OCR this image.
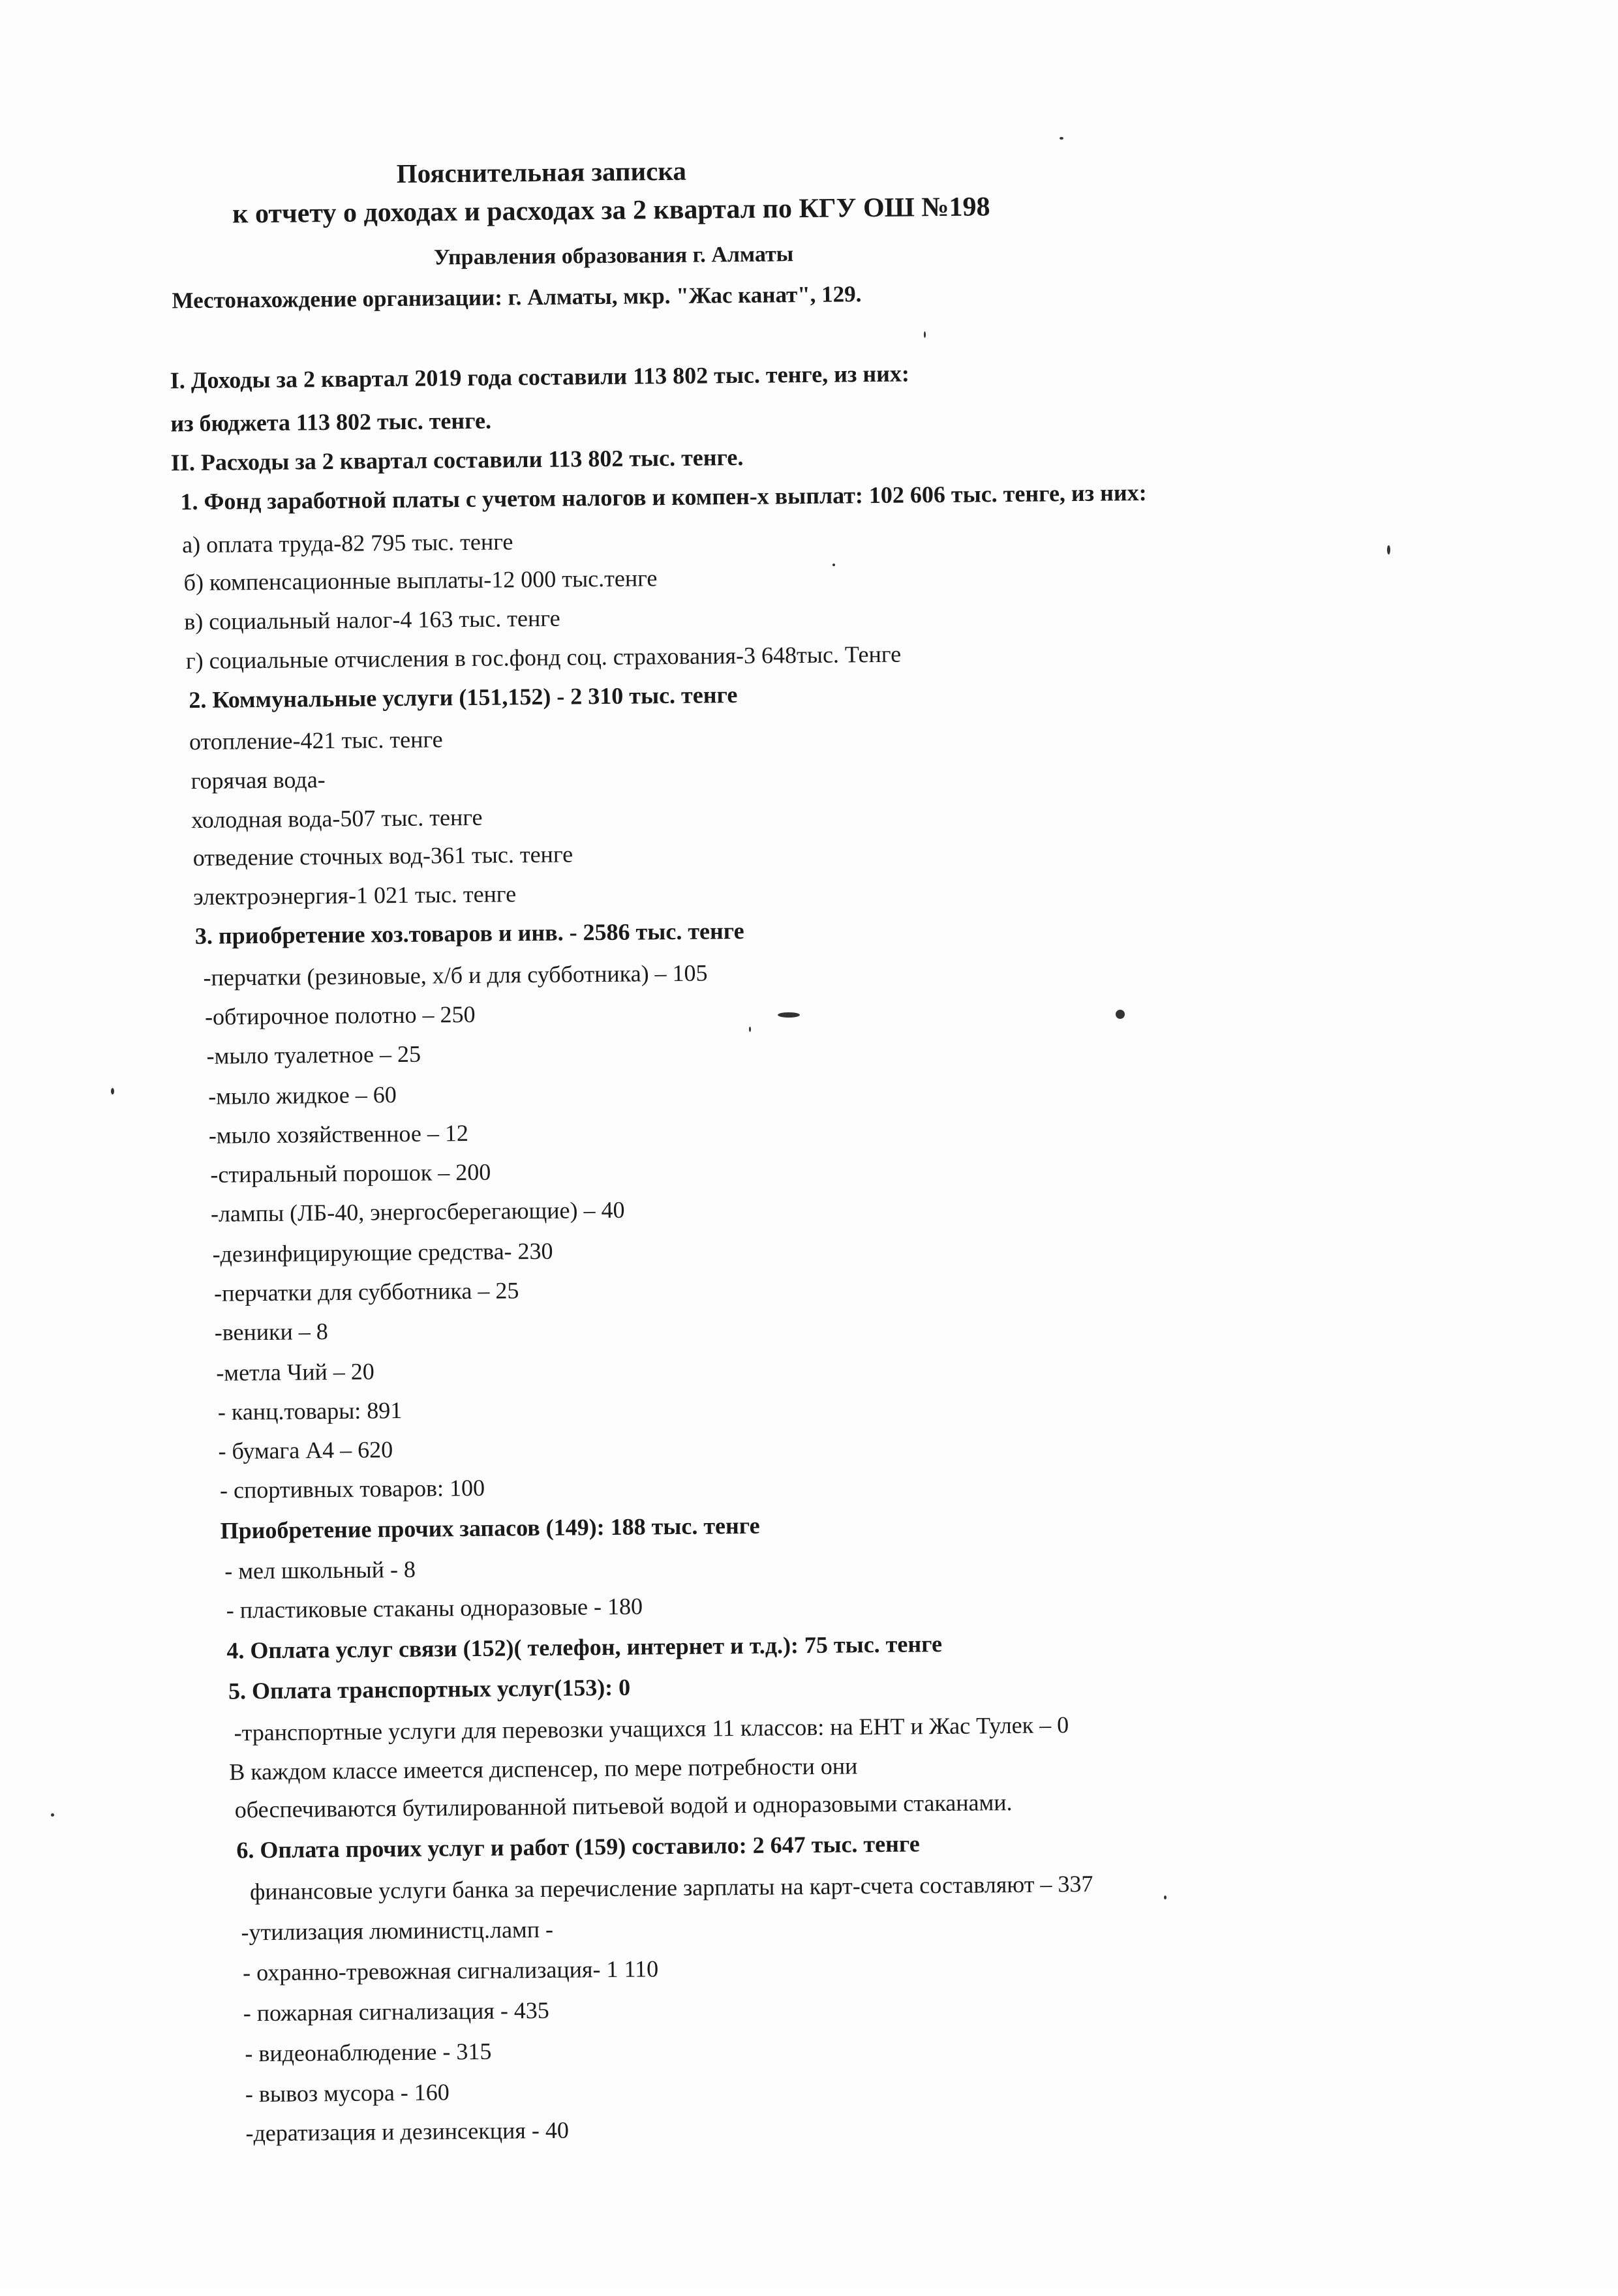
Пояснительная записка
к отчету о доходах и расходах за 2 квартал по КГУ ОШ №198
Управления образования г. Алматы
Местонахождение организации: г. Алматы, мкр. "Жас канат", 129.
I. Доходы за 2 квартал 2019 года составили 113 802 тыс. тенге, из них:
из бюджета 113 802 тыс. тенге.
II. Расходы за 2 квартал составили 113 802 тыс. тенге.
1. Фонд заработной платы с учетом налогов и компен-х выплат: 102 606 тыс. тенге, из них:
а) оплата труда-82 795 тыс. тенге
б) компенсационные выплаты-12 000 тыс.тенге
в) социальный налог-4 163 тыс. тенге
г) социальные отчисления в гос.фонд соц. страхования-3 648тыс. Тенге
2. Коммунальные услуги (151,152) - 2 310 тыс. тенге
отопление-421 тыс. тенге
горячая вода-
холодная вода-507 тыс. тенге
отведение сточных вод-361 тыс. тенге
электроэнергия-1 021 тыс. тенге
3. приобретение хоз.товаров и инв. - 2586 тыс. тенге
-перчатки (резиновые, х/б и для субботника) – 105
-обтирочное полотно – 250
-мыло туалетное – 25
-мыло жидкое – 60
-мыло хозяйственное – 12
-стиральный порошок – 200
-лампы (ЛБ-40, энергосберегающие) – 40
-дезинфицирующие средства- 230
-перчатки для субботника – 25
-веники – 8
-метла Чий – 20
- канц.товары: 891
- бумага А4 – 620
- спортивных товаров: 100
Приобретение прочих запасов (149): 188 тыс. тенге
- мел школьный - 8
- пластиковые стаканы одноразовые - 180
4. Оплата услуг связи (152)( телефон, интернет и т.д.): 75 тыс. тенге
5. Оплата транспортных услуг(153): 0
-транспортные услуги для перевозки учащихся 11 классов: на ЕНТ и Жас Тулек – 0
В каждом классе имеется диспенсер, по мере потребности они
обеспечиваются бутилированной питьевой водой и одноразовыми стаканами.
6. Оплата прочих услуг и работ (159) составило: 2 647 тыс. тенге
финансовые услуги банка за перечисление зарплаты на карт-счета составляют – 337
-утилизация люминистц.ламп -
- охранно-тревожная сигнализация- 1 110
- пожарная сигнализация - 435
- видеонаблюдение - 315
- вывоз мусора - 160
-дератизация и дезинсекция - 40
